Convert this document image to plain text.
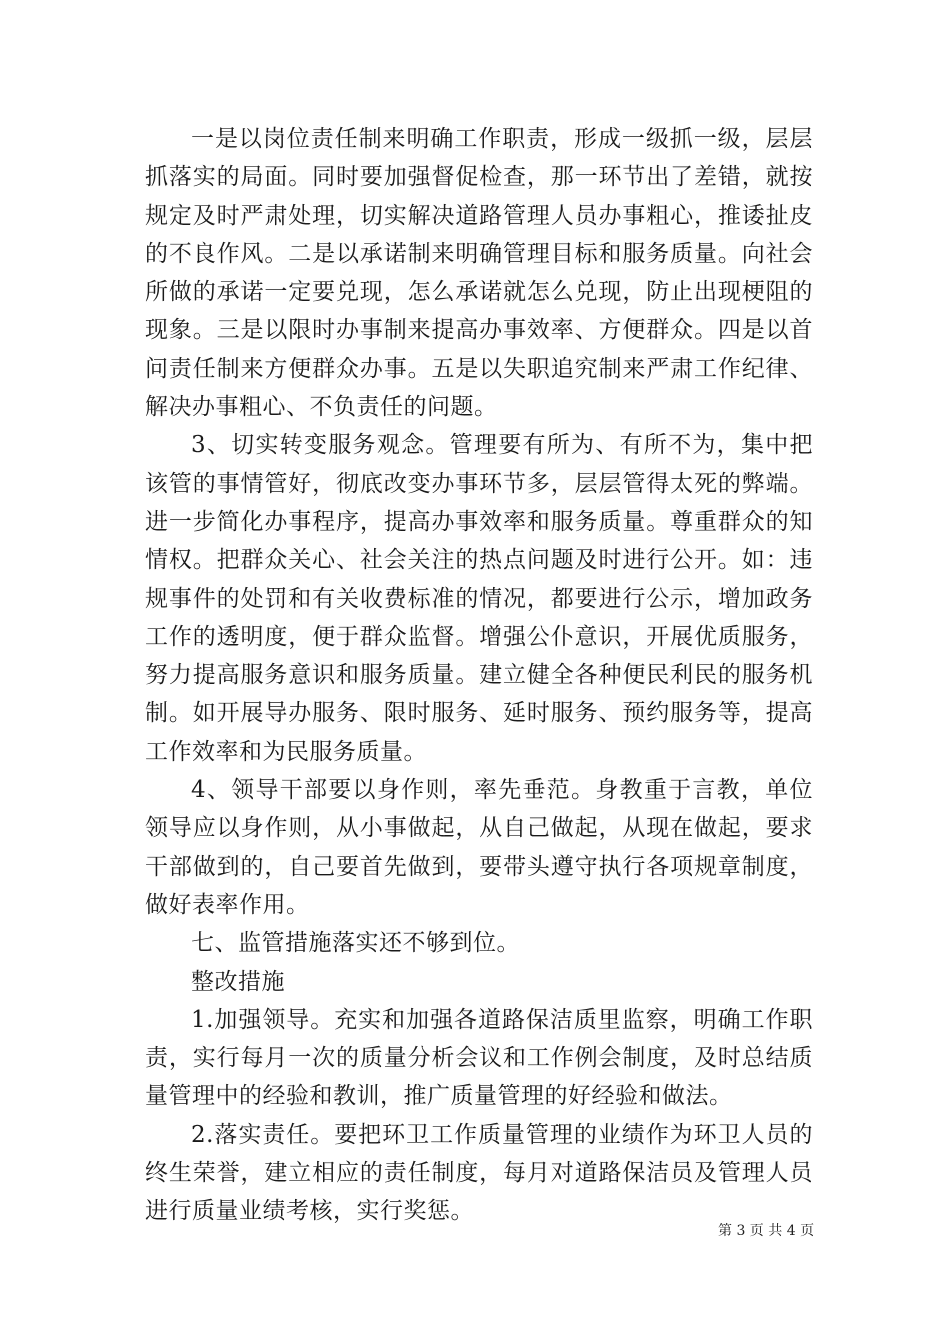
一是以岗位责任制来明确工作职责，形成一级抓一级，层层抓落实的局面。同时要加强督促检查，那一环节出了差错，就按规定及时严肃处理，切实解决道路管理人员办事粗心，推诿扯皮的不良作风。二是以承诺制来明确管理目标和服务质量。向社会所做的承诺一定要兑现，怎么承诺就怎么兑现，防止出现梗阻的现象。三是以限时办事制来提高办事效率、方便群众。四是以首问责任制来方便群众办事。五是以失职追究制来严肃工作纪律、解决办事粗心、不负责任的问题。

3、切实转变服务观念。管理要有所为、有所不为，集中把该管的事情管好，彻底改变办事环节多，层层管得太死的弊端。进一步简化办事程序，提高办事效率和服务质量。尊重群众的知情权。把群众关心、社会关注的热点问题及时进行公开。如：违规事件的处罚和有关收费标准的情况，都要进行公示，增加政务工作的透明度，便于群众监督。增强公仆意识，开展优质服务，努力提高服务意识和服务质量。建立健全各种便民利民的服务机制。如开展导办服务、限时服务、延时服务、预约服务等，提高工作效率和为民服务质量。

4、领导干部要以身作则，率先垂范。身教重于言教，单位领导应以身作则，从小事做起，从自己做起，从现在做起，要求干部做到的，自己要首先做到，要带头遵守执行各项规章制度，做好表率作用。

七、监管措施落实还不够到位。

整改措施

1.加强领导。充实和加强各道路保洁质里监察，明确工作职责，实行每月一次的质量分析会议和工作例会制度，及时总结质量管理中的经验和教训，推广质量管理的好经验和做法。

2.落实责任。要把环卫工作质量管理的业绩作为环卫人员的终生荣誉，建立相应的责任制度，每月对道路保洁员及管理人员进行质量业绩考核，实行奖惩。

第 3 页 共 4 页
